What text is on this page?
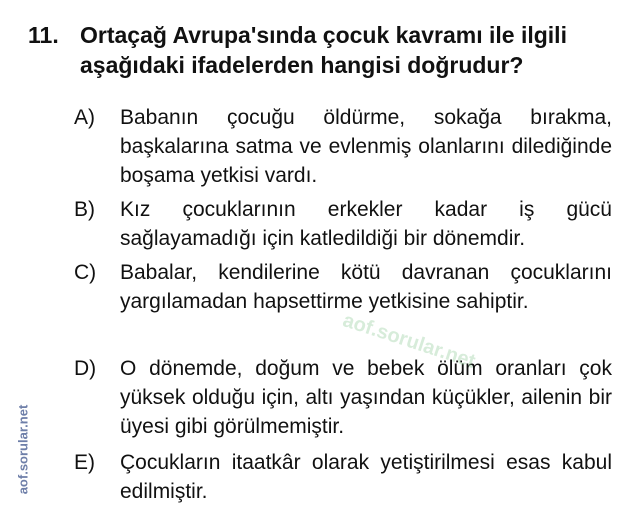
11. Ortaçağ Avrupa'sında çocuk kavramı ile ilgili aşağıdaki ifadelerden hangisi doğrudur?

A) Babanın çocuğu öldürme, sokağa bırakma, başkalarına satma ve evlenmiş olanlarını dilediğinde boşama yetkisi vardı.

B) Kız çocuklarının erkekler kadar iş gücü sağlayamadığı için katledildiği bir dönemdir.

C) Babalar, kendilerine kötü davranan çocuklarını yargılamadan hapsettirme yetkisine sahiptir.

D) O dönemde, doğum ve bebek ölüm oranları çok yüksek olduğu için, altı yaşından küçükler, ailenin bir üyesi gibi görülmemiştir.

E) Çocukların itaatkâr olarak yetiştirilmesi esas kabul edilmiştir.

aof.sorular.net
aof.sorular.net
